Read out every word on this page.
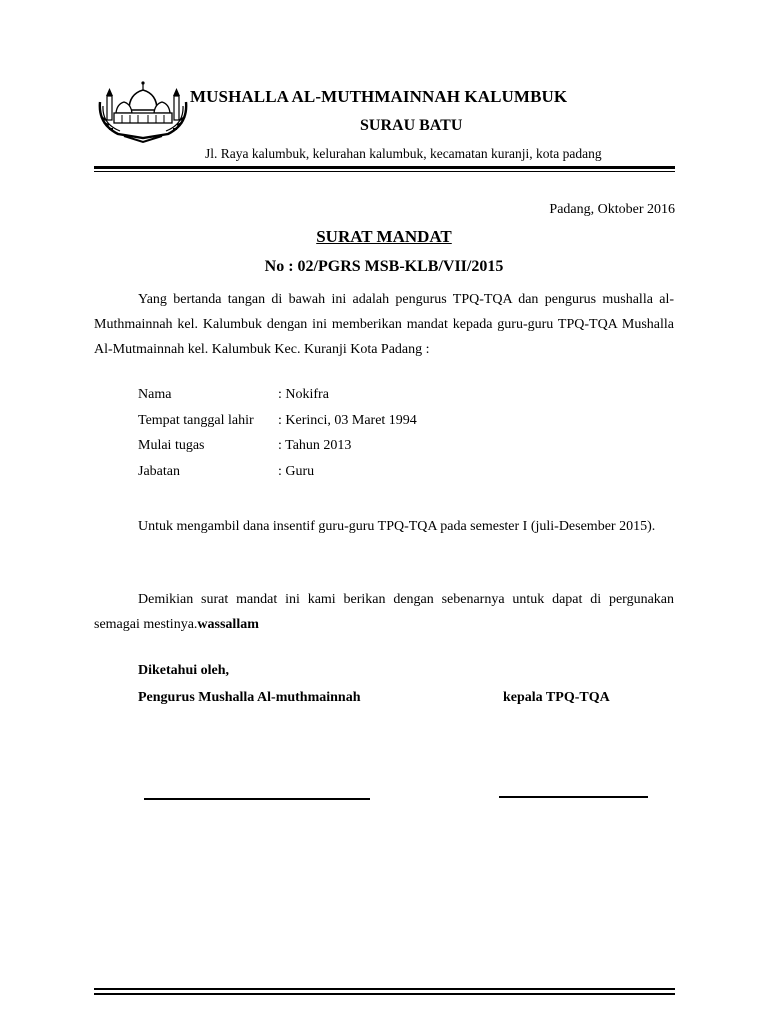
MUSHALLA AL-MUTHMAINNAH KALUMBUK
SURAU BATU
Jl. Raya kalumbuk, kelurahan kalumbuk, kecamatan kuranji, kota padang
Padang, Oktober 2016
SURAT MANDAT
No : 02/PGRS MSB-KLB/VII/2015
Yang bertanda tangan di bawah ini adalah pengurus TPQ-TQA dan pengurus mushalla al-Muthmainnah kel. Kalumbuk dengan ini memberikan mandat kepada guru-guru TPQ-TQA Mushalla Al-Mutmainnah kel. Kalumbuk Kec. Kuranji Kota Padang :
Nama	: Nokifra
Tempat tanggal lahir : Kerinci, 03 Maret 1994
Mulai tugas	: Tahun 2013
Jabatan	: Guru
Untuk mengambil dana insentif guru-guru TPQ-TQA pada semester I (juli-Desember 2015).
Demikian surat mandat ini kami berikan dengan sebenarnya untuk dapat di pergunakan semagai mestinya.wassallam
Diketahui oleh,
Pengurus Mushalla Al-muthmainnah	kepala TPQ-TQA
